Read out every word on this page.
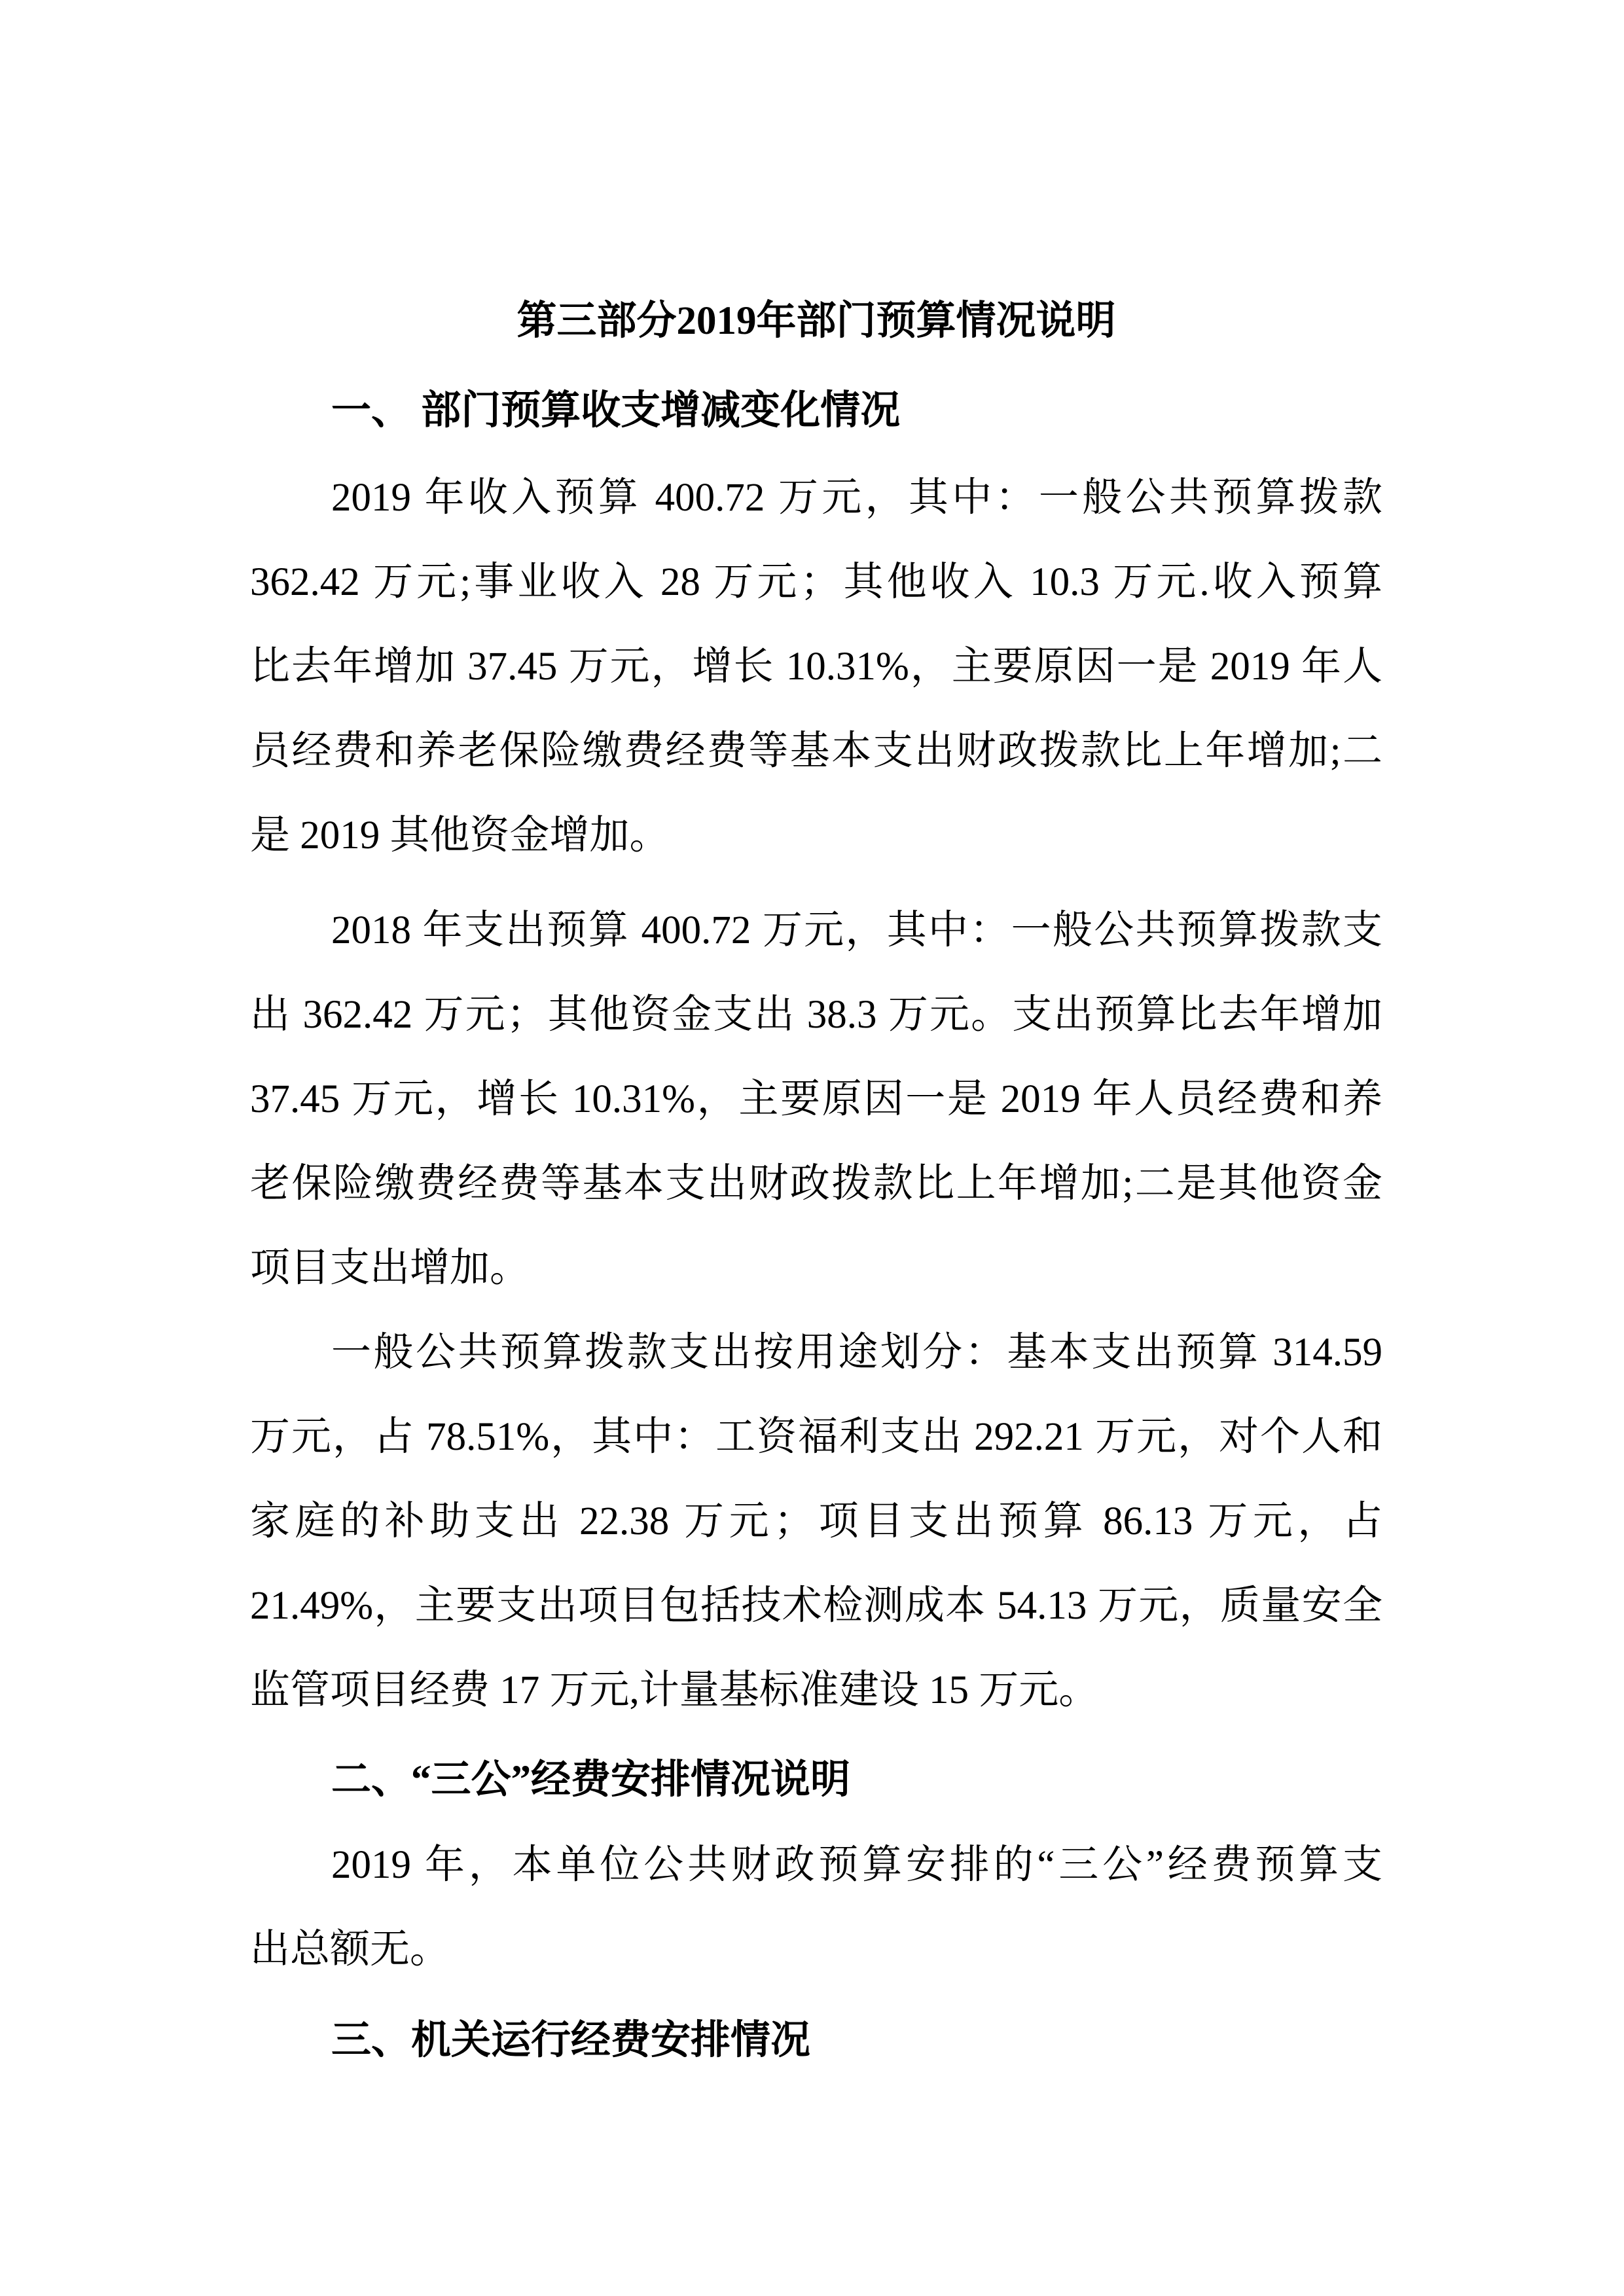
第三部分2019年部门预算情况说明
一、 部门预算收支增减变化情况
2019 年收入预算 400.72 万元，其中：一般公共预算拨款
362.42 万元;事业收入 28 万元；其他收入 10.3 万元.收入预算
比去年增加 37.45 万元，增长 10.31%，主要原因一是 2019 年人
员经费和养老保险缴费经费等基本支出财政拨款比上年增加;二
是 2019 其他资金增加。
2018 年支出预算 400.72 万元，其中：一般公共预算拨款支
出 362.42 万元；其他资金支出 38.3 万元。支出预算比去年增加
37.45 万元，增长 10.31%，主要原因一是 2019 年人员经费和养
老保险缴费经费等基本支出财政拨款比上年增加;二是其他资金
项目支出增加。
一般公共预算拨款支出按用途划分：基本支出预算 314.59
万元，占 78.51%，其中：工资福利支出 292.21 万元，对个人和
家庭的补助支出 22.38 万元；项目支出预算 86.13 万元，占
21.49%，主要支出项目包括技术检测成本 54.13 万元，质量安全
监管项目经费 17 万元,计量基标准建设 15 万元。
二、“三公”经费安排情况说明
2019 年，本单位公共财政预算安排的“三公”经费预算支
出总额无。
三、机关运行经费安排情况
